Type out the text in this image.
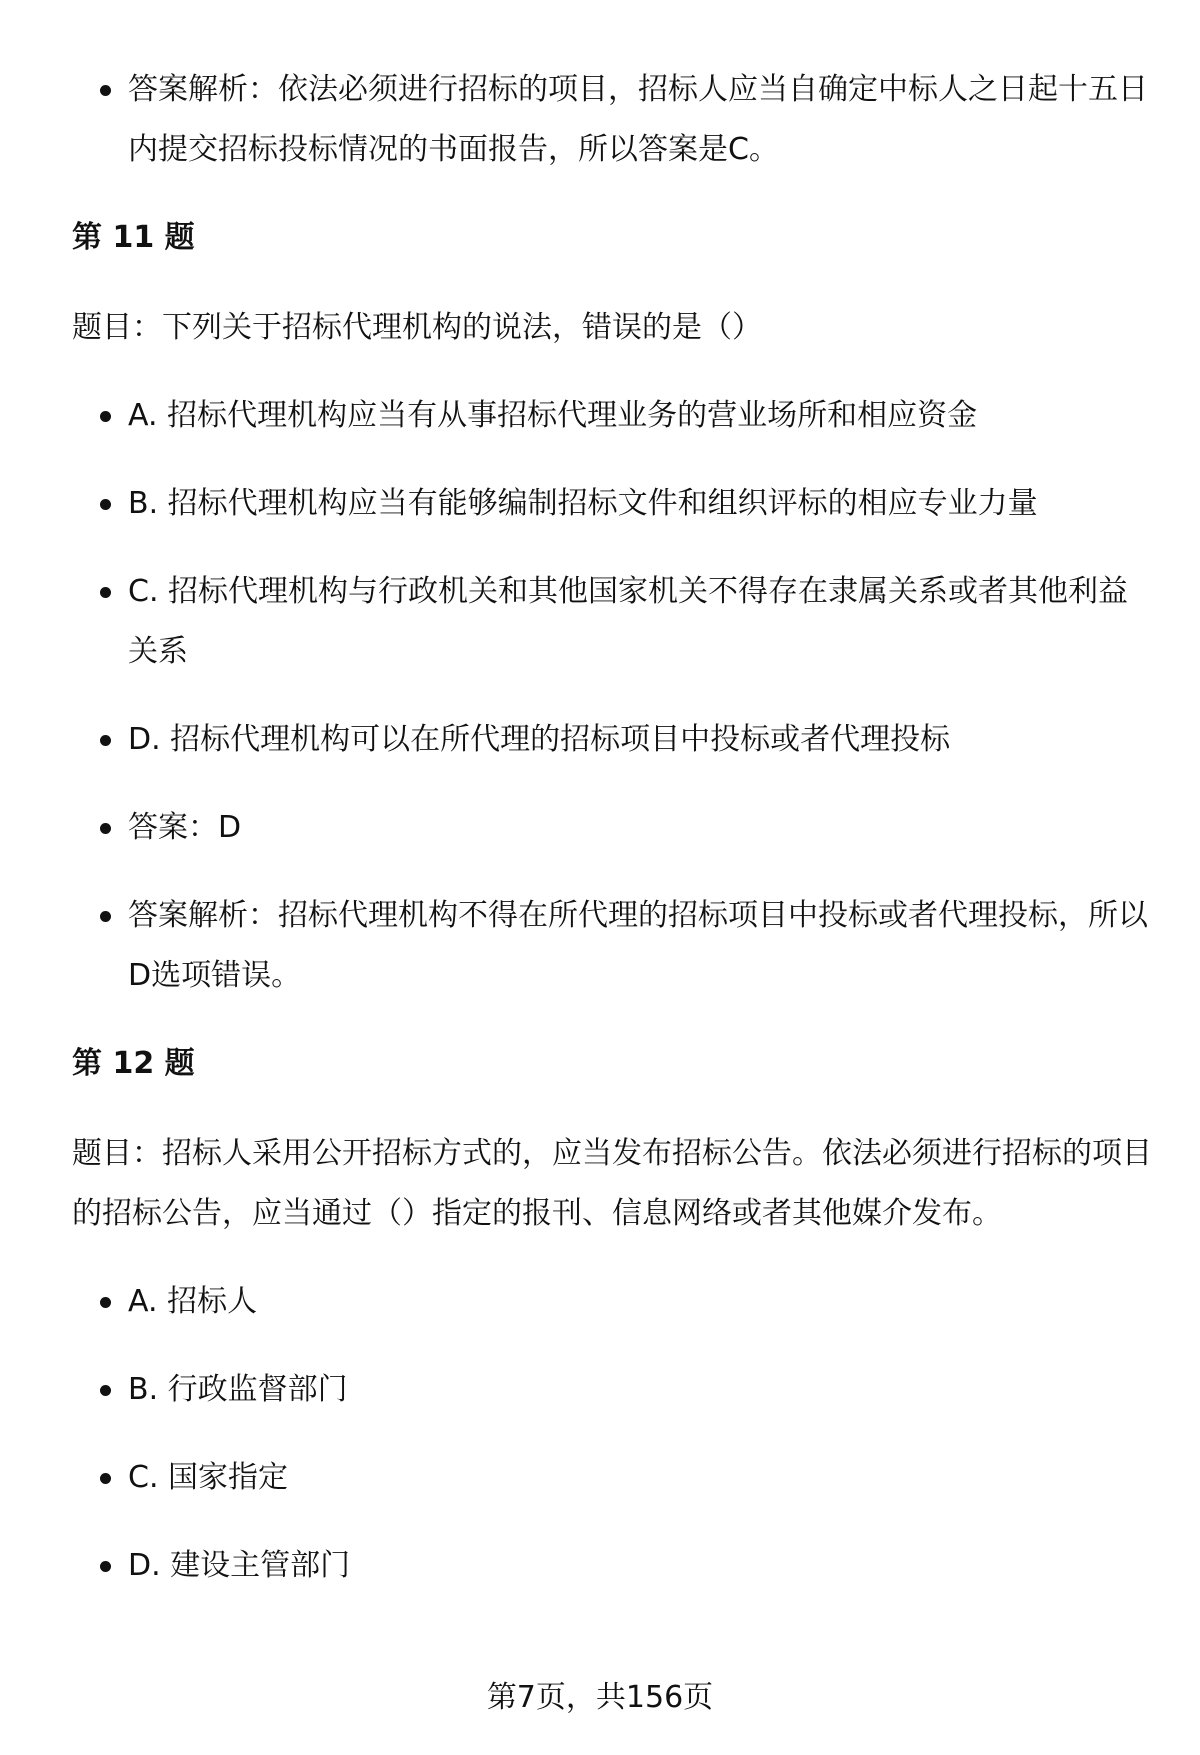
答案解析：依法必须进行招标的项目，招标人应当自确定中标人之日起十五日内提交招标投标情况的书面报告，所以答案是C。
第 11 题
题目：下列关于招标代理机构的说法，错误的是（）
A. 招标代理机构应当有从事招标代理业务的营业场所和相应资金
B. 招标代理机构应当有能够编制招标文件和组织评标的相应专业力量
C. 招标代理机构与行政机关和其他国家机关不得存在隶属关系或者其他利益关系
D. 招标代理机构可以在所代理的招标项目中投标或者代理投标
答案：D
答案解析：招标代理机构不得在所代理的招标项目中投标或者代理投标，所以D选项错误。
第 12 题
题目：招标人采用公开招标方式的，应当发布招标公告。依法必须进行招标的项目的招标公告，应当通过（）指定的报刊、信息网络或者其他媒介发布。
A. 招标人
B. 行政监督部门
C. 国家指定
D. 建设主管部门
第7页，共156页
